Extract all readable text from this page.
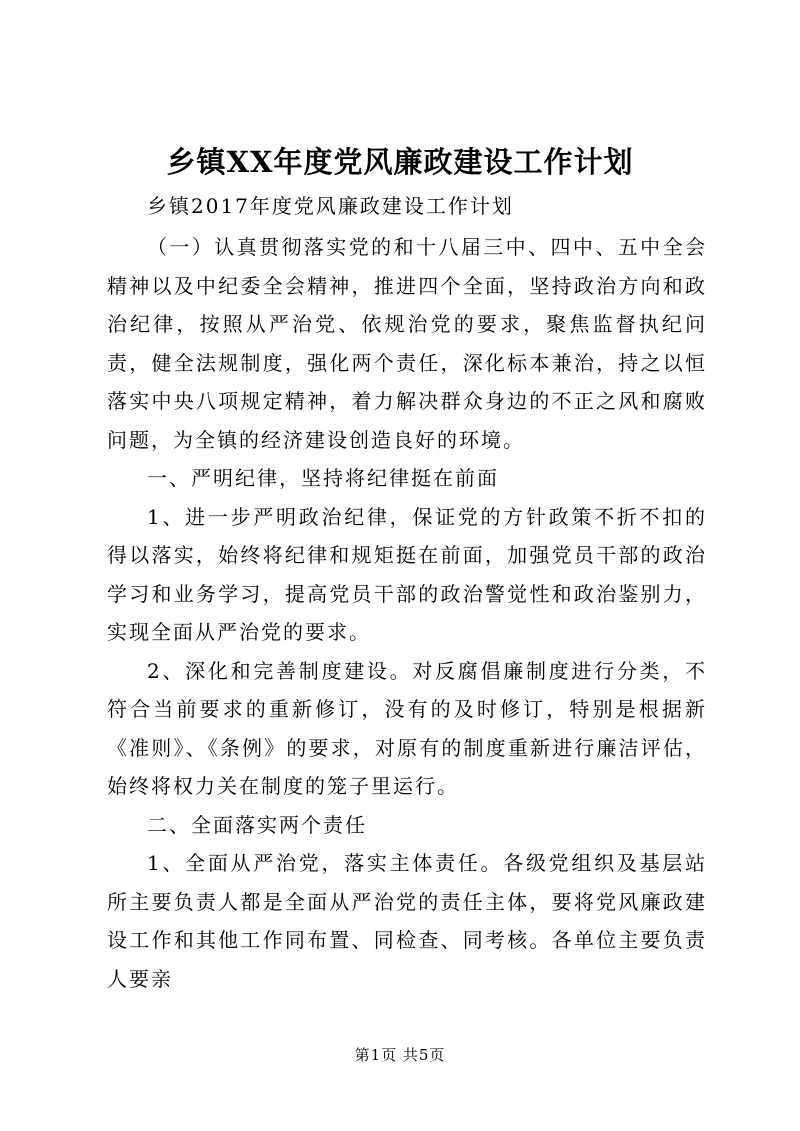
乡镇XX年度党风廉政建设工作计划

乡镇2017年度党风廉政建设工作计划

（一）认真贯彻落实党的和十八届三中、四中、五中全会精神以及中纪委全会精神，推进四个全面，坚持政治方向和政治纪律，按照从严治党、依规治党的要求，聚焦监督执纪问责，健全法规制度，强化两个责任，深化标本兼治，持之以恒落实中央八项规定精神，着力解决群众身边的不正之风和腐败问题，为全镇的经济建设创造良好的环境。

一、严明纪律，坚持将纪律挺在前面

1、进一步严明政治纪律，保证党的方针政策不折不扣的得以落实，始终将纪律和规矩挺在前面，加强党员干部的政治学习和业务学习，提高党员干部的政治警觉性和政治鉴别力，实现全面从严治党的要求。

2、深化和完善制度建设。对反腐倡廉制度进行分类，不符合当前要求的重新修订，没有的及时修订，特别是根据新《准则》、《条例》的要求，对原有的制度重新进行廉洁评估，始终将权力关在制度的笼子里运行。

二、全面落实两个责任

1、全面从严治党，落实主体责任。各级党组织及基层站所主要负责人都是全面从严治党的责任主体，要将党风廉政建设工作和其他工作同布置、同检查、同考核。各单位主要负责人要亲

第1页 共5页
